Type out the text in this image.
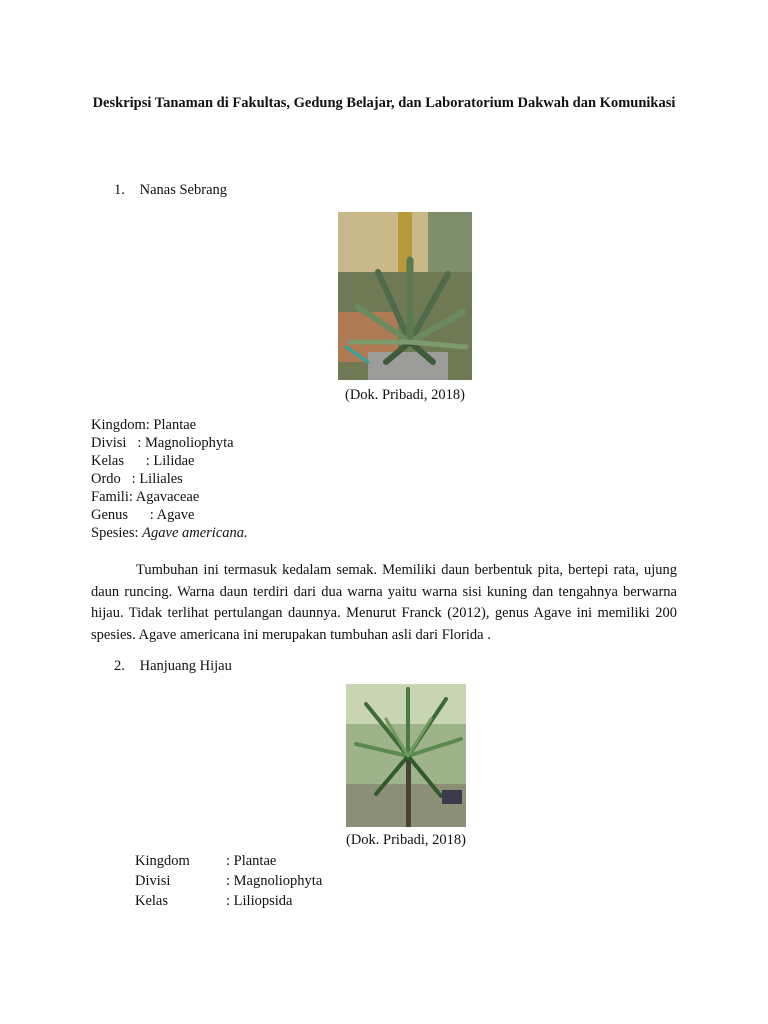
Deskripsi Tanaman di Fakultas, Gedung Belajar, dan Laboratorium Dakwah dan Komunikasi
1. Nanas Sebrang
(Dok. Pribadi, 2018)
Kingdom: Plantae
Divisi   : Magnoliophyta
Kelas      : Lilidae
Ordo   : Liliales
Famili: Agavaceae
Genus      : Agave
Spesies: Agave americana.

Tumbuhan ini termasuk kedalam semak. Memiliki daun berbentuk pita, bertepi rata, ujung daun runcing. Warna daun terdiri dari dua warna yaitu warna sisi kuning dan tengahnya berwarna hijau. Tidak terlihat pertulangan daunnya. Menurut Franck (2012), genus Agave ini memiliki 200 spesies. Agave americana ini merupakan tumbuhan asli dari Florida .

2. Hanjuang Hijau
(Dok. Pribadi, 2018)
Kingdom	: Plantae
Divisi	: Magnoliophyta
Kelas	: Liliopsida
